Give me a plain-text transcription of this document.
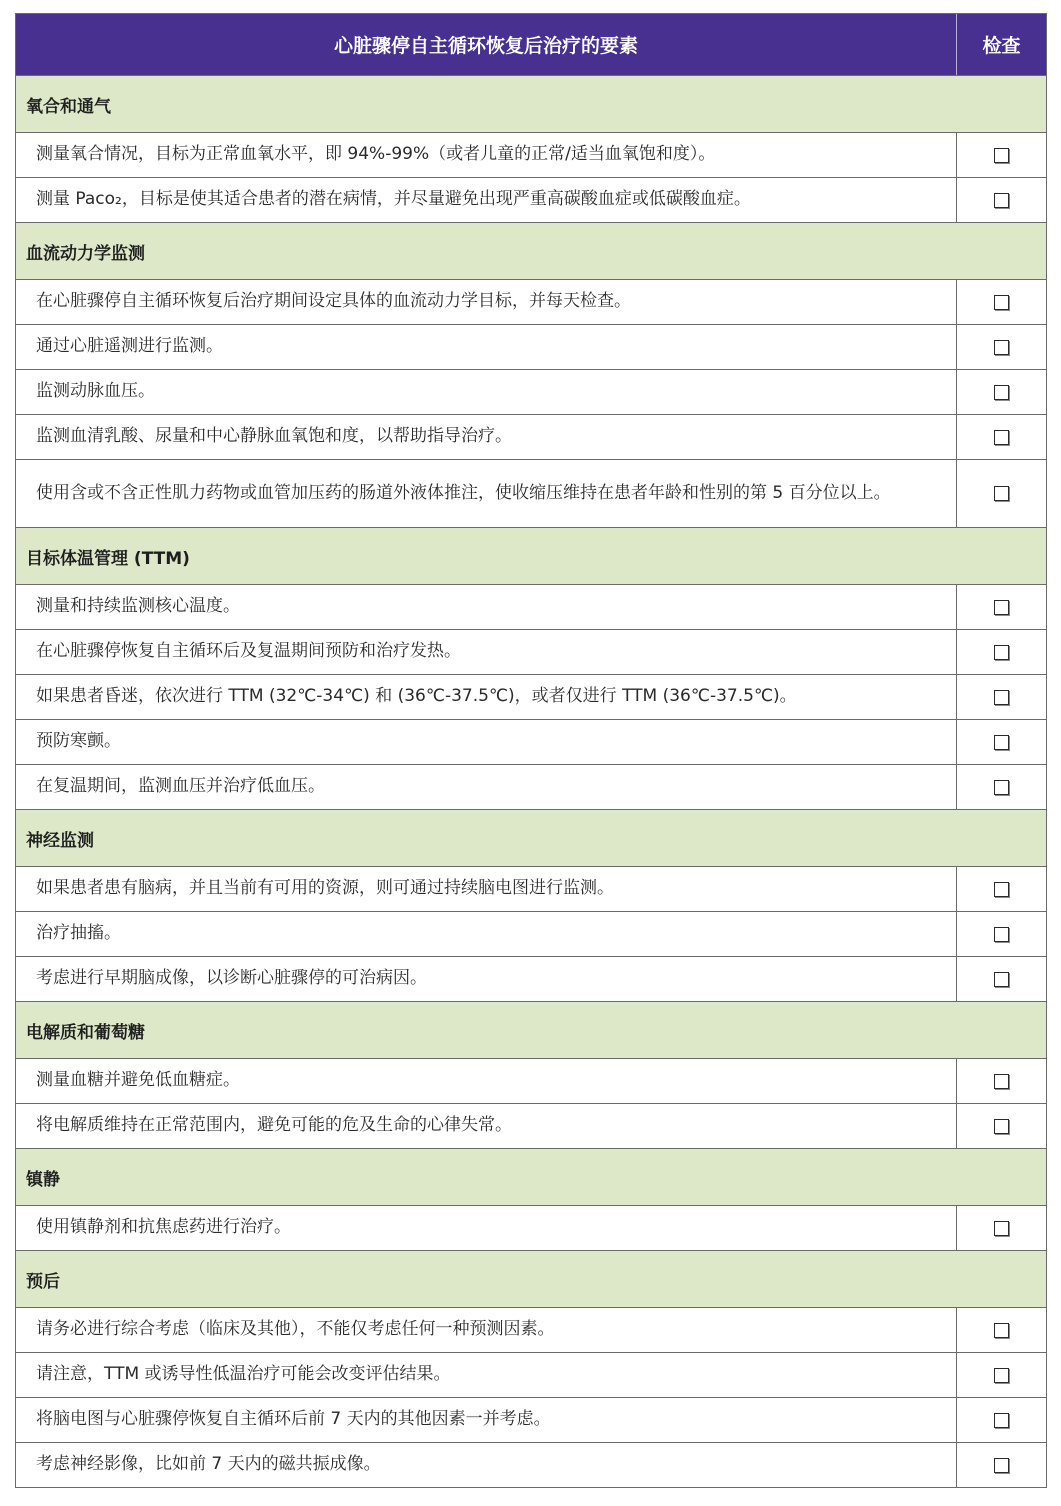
心脏骤停自主循环恢复后治疗的要素	检查
氧合和通气
测量氧合情况，目标为正常血氧水平，即 94%-99%（或者儿童的正常/适当血氧饱和度）。
测量 Paco₂，目标是使其适合患者的潜在病情，并尽量避免出现严重高碳酸血症或低碳酸血症。
血流动力学监测
在心脏骤停自主循环恢复后治疗期间设定具体的血流动力学目标，并每天检查。
通过心脏遥测进行监测。
监测动脉血压。
监测血清乳酸、尿量和中心静脉血氧饱和度，以帮助指导治疗。
使用含或不含正性肌力药物或血管加压药的肠道外液体推注，使收缩压维持在患者年龄和性别的第 5 百分位以上。
目标体温管理 (TTM)
测量和持续监测核心温度。
在心脏骤停恢复自主循环后及复温期间预防和治疗发热。
如果患者昏迷，依次进行 TTM (32℃-34℃) 和 (36℃-37.5℃)，或者仅进行 TTM (36℃-37.5℃)。
预防寒颤。
在复温期间，监测血压并治疗低血压。
神经监测
如果患者患有脑病，并且当前有可用的资源，则可通过持续脑电图进行监测。
治疗抽搐。
考虑进行早期脑成像，以诊断心脏骤停的可治病因。
电解质和葡萄糖
测量血糖并避免低血糖症。
将电解质维持在正常范围内，避免可能的危及生命的心律失常。
镇静
使用镇静剂和抗焦虑药进行治疗。
预后
请务必进行综合考虑（临床及其他），不能仅考虑任何一种预测因素。
请注意，TTM 或诱导性低温治疗可能会改变评估结果。
将脑电图与心脏骤停恢复自主循环后前 7 天内的其他因素一并考虑。
考虑神经影像，比如前 7 天内的磁共振成像。
